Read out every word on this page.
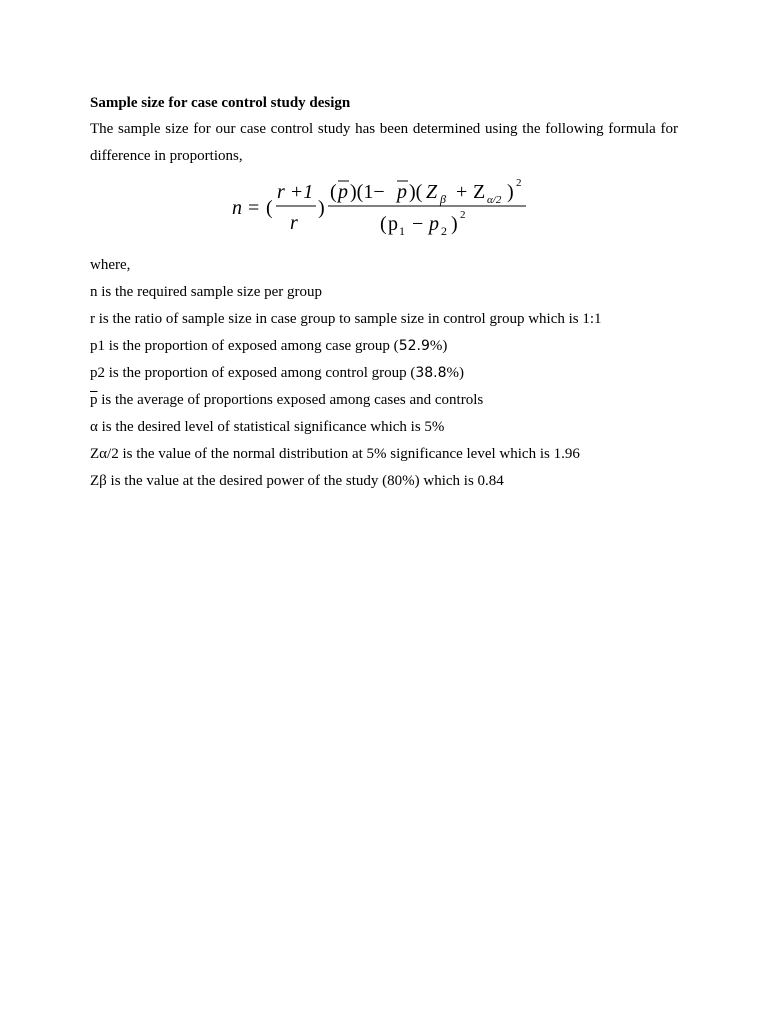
Sample size for case control study design

The sample size for our case control study has been determined using the following formula for difference in proportions,

n = (
r +1
r
)
( p )(1− p )( Z β + Z α/2 ) 2
( p 1 − p 2 ) 2

where,

n is the required sample size per group

r is the ratio of sample size in case group to sample size in control group which is 1:1

p1 is the proportion of exposed among case group (52.9%)

p2 is the proportion of exposed among control group (38.8%)

$\overline{p}$ is the average of proportions exposed among cases and controls

α is the desired level of statistical significance which is 5%

Zα/2 is the value of the normal distribution at 5% significance level which is 1.96

Zβ is the value at the desired power of the study (80%) which is 0.84
